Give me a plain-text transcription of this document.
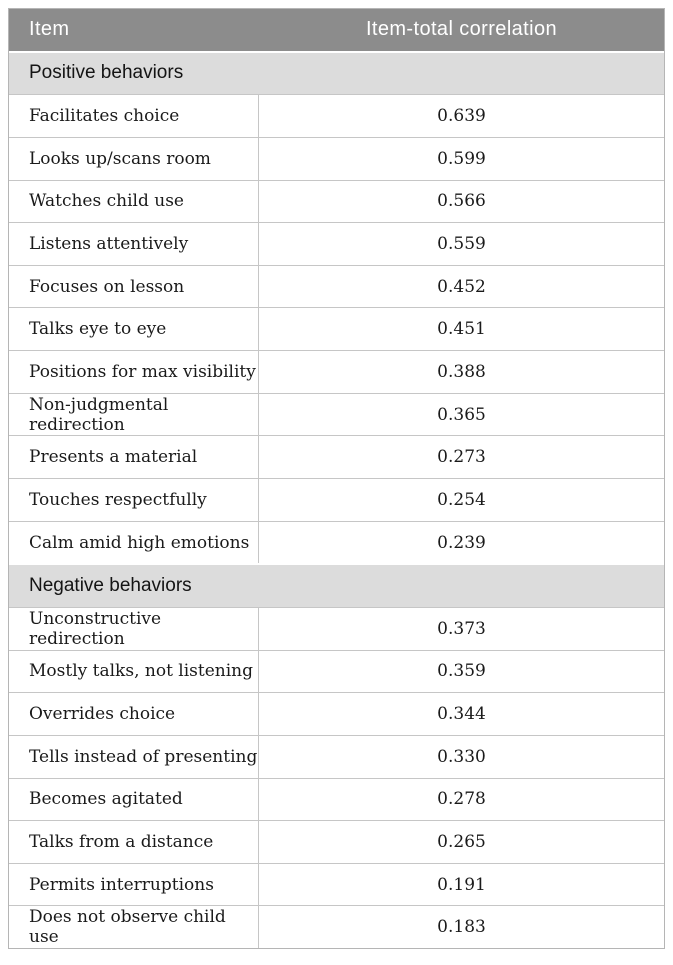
Item	Item-total correlation
Positive behaviors
Facilitates choice	0.639
Looks up/scans room	0.599
Watches child use	0.566
Listens attentively	0.559
Focuses on lesson	0.452
Talks eye to eye	0.451
Positions for max visibility	0.388
Non-judgmental redirection	0.365
Presents a material	0.273
Touches respectfully	0.254
Calm amid high emotions	0.239
Negative behaviors
Unconstructive redirection	0.373
Mostly talks, not listening	0.359
Overrides choice	0.344
Tells instead of presenting	0.330
Becomes agitated	0.278
Talks from a distance	0.265
Permits interruptions	0.191
Does not observe child use	0.183
